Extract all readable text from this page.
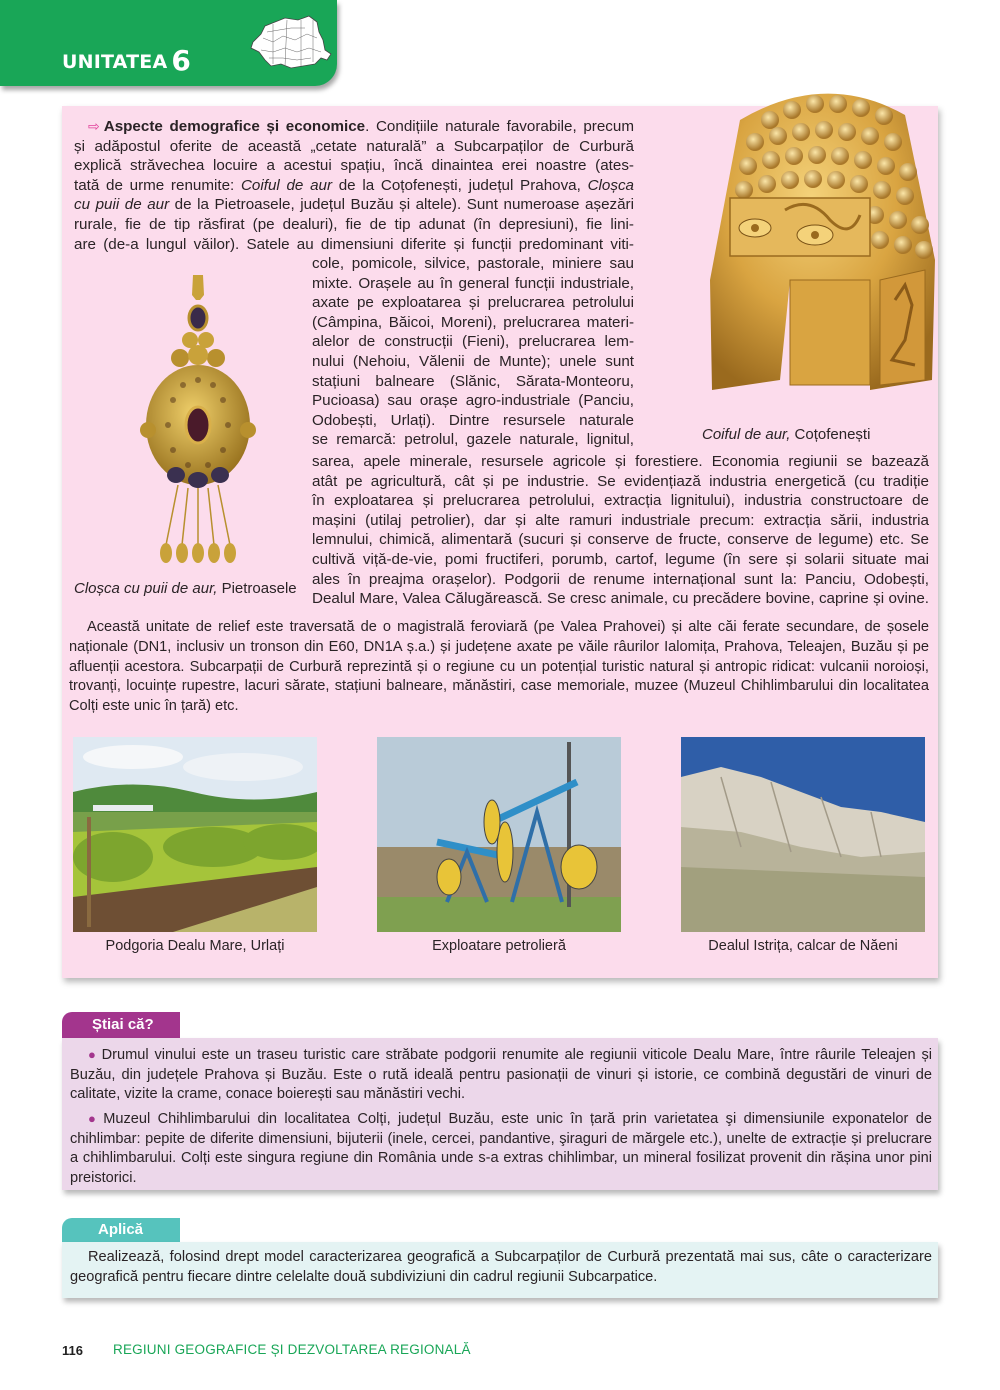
UNITATEA 6

⇨ Aspecte demografice și economice. Condițiile naturale favorabile, precum

și adăpostul oferite de această „cetate naturală” a Subcarpaților de Curbură

explică străvechea locuire a acestui spațiu, încă dinaintea erei noastre (ates-

tată de urme renumite: Coiful de aur de la Coțofenești, județul Prahova, Cloșca

cu puii de aur de la Pietroasele, județul Buzău și altele). Sunt numeroase așezări

rurale, fie de tip răsfirat (pe dealuri), fie de tip adunat (în depresiuni), fie lini-

are (de-a lungul văilor). Satele au dimensiuni diferite și funcții predominant viti-

cole, pomicole, silvice, pastorale, miniere sau

mixte. Orașele au în general funcții industriale,

axate pe exploatarea și prelucrarea petrolului

(Câmpina, Băicoi, Moreni), prelucrarea materi-

alelor de construcții (Fieni), prelucrarea lem-

nului (Nehoiu, Vălenii de Munte); unele sunt

stațiuni balneare (Slănic, Sărata-Monteoru,

Pucioasa) sau orașe agro-industriale (Panciu,

Odobești, Urlați). Dintre resursele naturale

se remarcă: petrolul, gazele naturale, lignitul,

sarea, apele minerale, resursele agricole și forestiere. Economia regiunii se bazează

atât pe agricultură, cât și pe industrie. Se evidențiază industria energetică (cu tradiție

în exploatarea și prelucrarea petrolului, extracția lignitului), industria constructoare de

mașini (utilaj petrolier), dar și alte ramuri industriale precum: extracția sării, industria

lemnului, chimică, alimentară (sucuri și conserve de fructe, conserve de legume) etc. Se

cultivă viță-de-vie, pomi fructiferi, porumb, cartof, legume (în sere și solarii situate mai

ales în preajma orașelor). Podgorii de renume internațional sunt la: Panciu, Odobești,

Dealul Mare, Valea Călugărească. Se cresc animale, cu precădere bovine, caprine și ovine.

Această unitate de relief este traversată de o magistrală feroviară (pe Valea Prahovei) și alte căi ferate secundare, de șosele naționale (DN1, inclusiv un tronson din E60, DN1A ș.a.) și județene axate pe văile râurilor Ialomița, Prahova, Teleajen, Buzău și pe afluenții acestora. Subcarpații de Curbură reprezintă și o regiune cu un potențial turistic natural și antropic ridicat: vulcanii noroioși, trovanți, locuințe rupestre, lacuri sărate, stațiuni balneare, mănăstiri, case memoriale, muzee (Muzeul Chihlimbarului din localitatea Colți este unic în țară) etc.
Coiful de aur, Coțofenești
Cloșca cu puii de aur, Pietroasele
Podgoria Dealu Mare, Urlați	Exploatare petrolieră	Dealul Istrița, calcar de Năeni
Știai că?
● Drumul vinului este un traseu turistic care străbate podgorii renumite ale regiunii viticole Dealu Mare, între râurile Teleajen și Buzău, din județele Prahova și Buzău. Este o rută ideală pentru pasionații de vinuri și istorie, ce combină degustări de vinuri de calitate, vizite la crame, conace boierești sau mănăstiri vechi.
● Muzeul Chihlimbarului din localitatea Colți, județul Buzău, este unic în țară prin varietatea şi dimensiunile exponatelor de chihlimbar: pepite de diferite dimensiuni, bijuterii (inele, cercei, pandantive, şiraguri de mărgele etc.), unelte de extracție și prelucrare a chihlimbarului. Colți este singura regiune din România unde s-a extras chihlimbar, un mineral fosilizat provenit din rășina unor pini preistorici.
Aplică
Realizează, folosind drept model caracterizarea geografică a Subcarpaților de Curbură prezentată mai sus, câte o caracterizare geografică pentru fiecare dintre celelalte două subdiviziuni din cadrul regiunii Subcarpatice.
116 REGIUNI GEOGRAFICE ȘI DEZVOLTAREA REGIONALĂ
